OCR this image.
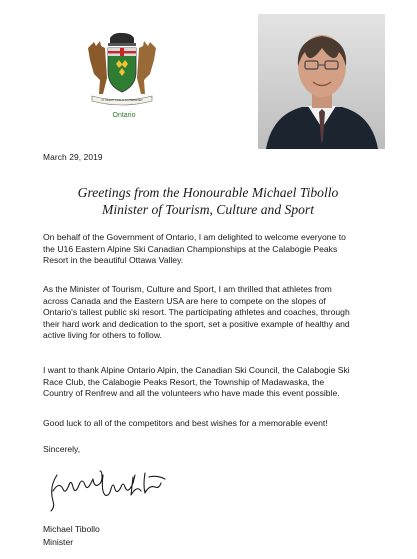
UT INCEPIT FIDELIS SIC PERMANET
Ontario
March 29, 2019
Greetings from the Honourable Michael Tibollo
Minister of Tourism, Culture and Sport

On behalf of the Government of Ontario, I am delighted to welcome everyone to

the U16 Eastern Alpine Ski Canadian Championships at the Calabogie Peaks

Resort in the beautiful Ottawa Valley.

As the Minister of Tourism, Culture and Sport, I am thrilled that athletes from

across Canada and the Eastern USA are here to compete on the slopes of

Ontario's tallest public ski resort. The participating athletes and coaches, through

their hard work and dedication to the sport, set a positive example of healthy and

active living for others to follow.

I want to thank Alpine Ontario Alpin, the Canadian Ski Council, the Calabogie Ski

Race Club, the Calabogie Peaks Resort, the Township of Madawaska, the

Country of Renfrew and all the volunteers who have made this event possible.

Good luck to all of the competitors and best wishes for a memorable event!

Sincerely,

Michael Tibollo
Minister
